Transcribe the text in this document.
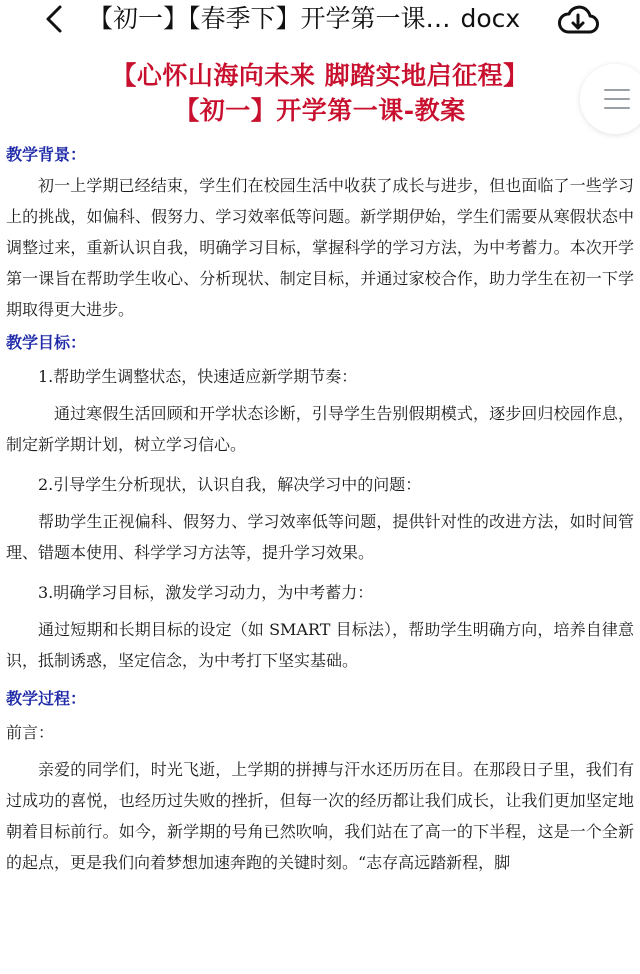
【初一】【春季下】开学第一课… docx

【心怀山海向未来 脚踏实地启征程】

【初一】开学第一课-教案

教学背景：

初一上学期已经结束，学生们在校园生活中收获了成长与进步，但也面临了一些学习上的挑战，如偏科、假努力、学习效率低等问题。新学期伊始，学生们需要从寒假状态中调整过来，重新认识自我，明确学习目标，掌握科学的学习方法，为中考蓄力。本次开学第一课旨在帮助学生收心、分析现状、制定目标，并通过家校合作，助力学生在初一下学期取得更大进步。

教学目标：

1.帮助学生调整状态，快速适应新学期节奏：

通过寒假生活回顾和开学状态诊断，引导学生告别假期模式，逐步回归校园作息，制定新学期计划，树立学习信心。

2.引导学生分析现状，认识自我，解决学习中的问题：

帮助学生正视偏科、假努力、学习效率低等问题，提供针对性的改进方法，如时间管理、错题本使用、科学学习方法等，提升学习效果。

3.明确学习目标，激发学习动力，为中考蓄力：

通过短期和长期目标的设定（如 SMART 目标法），帮助学生明确方向，培养自律意识，抵制诱惑，坚定信念，为中考打下坚实基础。

教学过程：

前言：

亲爱的同学们，时光飞逝，上学期的拼搏与汗水还历历在目。在那段日子里，我们有过成功的喜悦，也经历过失败的挫折，但每一次的经历都让我们成长，让我们更加坚定地朝着目标前行。如今，新学期的号角已然吹响，我们站在了高一的下半程，这是一个全新的起点，更是我们向着梦想加速奔跑的关键时刻。“志存高远踏新程，脚
